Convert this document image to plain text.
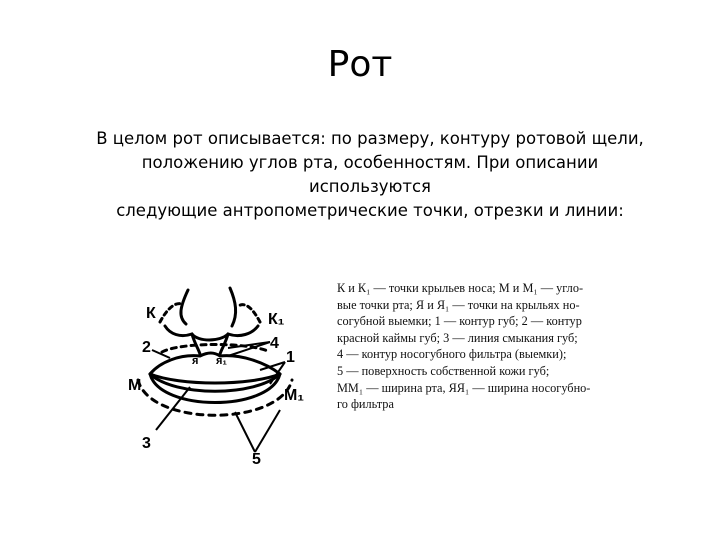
Рот
В целом рот описывается: по размеру, контуру ротовой щели,
положению углов рта, особенностям. При описании используются
следующие антропометрические точки, отрезки и линии:
К	К₁
2	4
1
М
М₁
я я₁
3
5
К и К₁ — точки крыльев носа; М и М₁ — угло-
вые точки рта; Я и Я₁ — точки на крыльях но-
согубной выемки; 1 — контур губ; 2 — контур
красной каймы губ; 3 — линия смыкания губ;
4 — контур носогубного фильтра (выемки);
5 — поверхность собственной кожи губ;
ММ₁ — ширина рта, ЯЯ₁ — ширина носогубно-
го фильтра
